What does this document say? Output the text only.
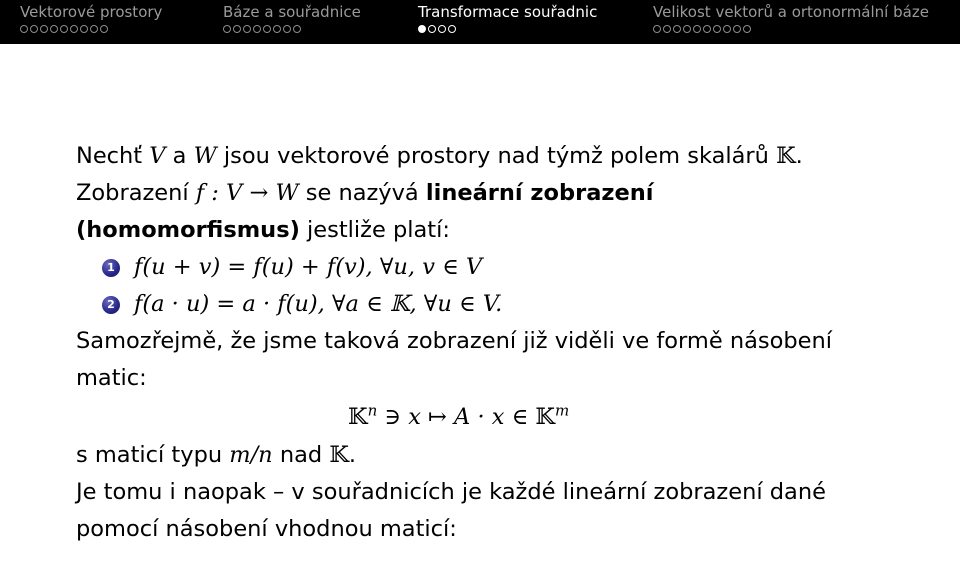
Vektorové prostory	Báze a souřadnice	Transformace souřadnic	Velikost vektorů a ortonormální báze
Nechť V a W jsou vektorové prostory nad týmž polem skalárů 𝕂.
Zobrazení f : V → W se nazývá lineární zobrazení
(homomorfismus) jestliže platí:
1 f(u + v) = f(u) + f(v), ∀u, v ∈ V
2 f(a · u) = a · f(u), ∀a ∈ 𝕂, ∀u ∈ V.
Samozřejmě, že jsme taková zobrazení již viděli ve formě násobení
matic:
𝕂$^n$ ∋ x ↦ A · x ∈ 𝕂$^m$
s maticí typu m/n nad 𝕂.
Je tomu i naopak – v souřadnicích je každé lineární zobrazení dané
pomocí násobení vhodnou maticí:
